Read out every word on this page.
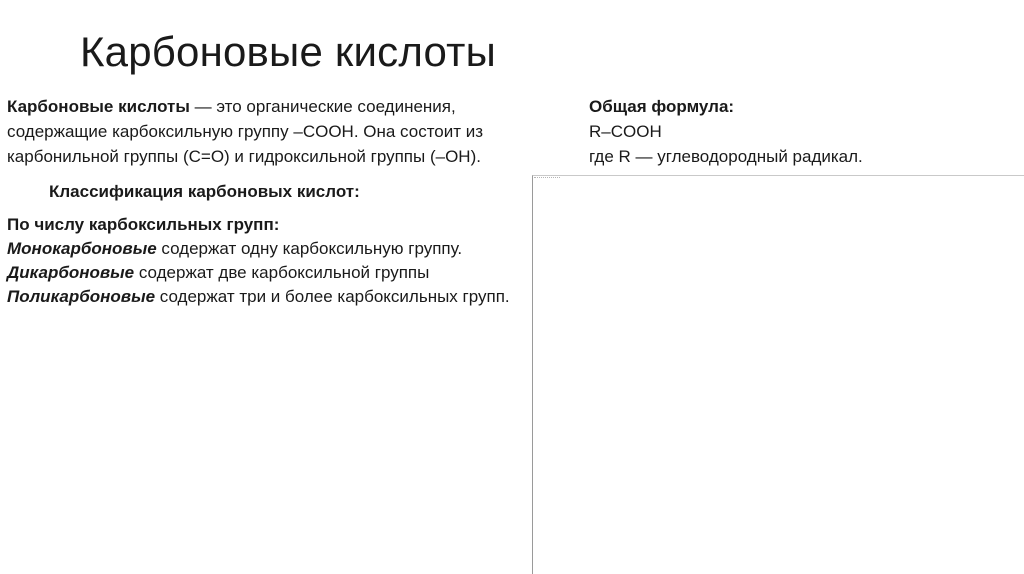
Карбоновые кислоты

Карбоновые кислоты — это органические соединения, содержащие карбоксильную группу –COOH. Она состоит из карбонильной группы (C=O) и гидроксильной группы (–OH).

Общая формула:
R–COOH
где R — углеводородный радикал.

Классификация карбоновых кислот:

По числу карбоксильных групп:
Монокарбоновые содержат одну карбоксильную группу.
Дикарбоновые содержат две карбоксильной группы
Поликарбоновые содержат три и более карбоксильных групп.
